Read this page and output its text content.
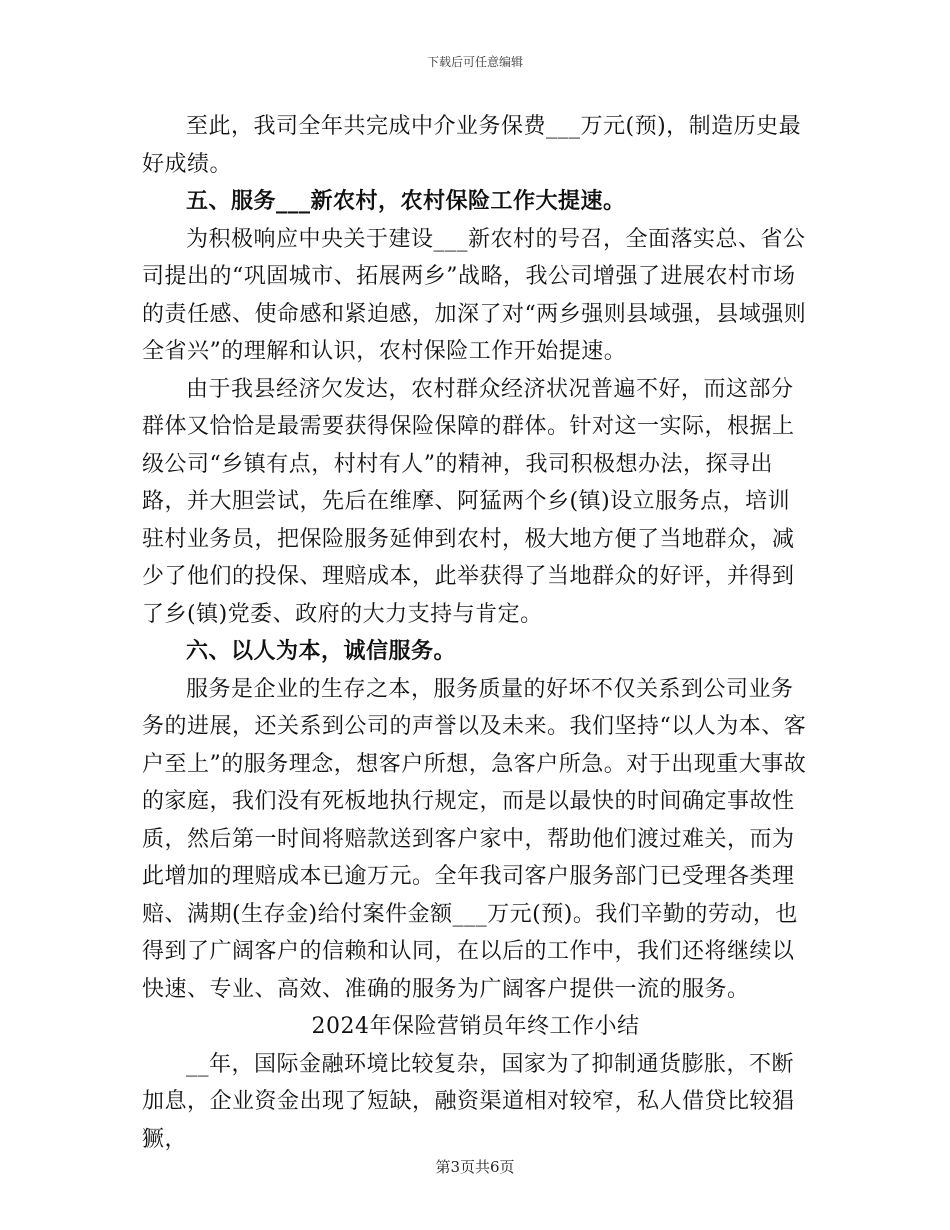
下载后可任意编辑

至此，我司全年共完成中介业务保费___万元(预)，制造历史最好成绩。

五、服务___新农村，农村保险工作大提速。

为积极响应中央关于建设___新农村的号召，全面落实总、省公司提出的“巩固城市、拓展两乡”战略，我公司增强了进展农村市场的责任感、使命感和紧迫感，加深了对“两乡强则县域强，县域强则全省兴”的理解和认识，农村保险工作开始提速。

由于我县经济欠发达，农村群众经济状况普遍不好，而这部分群体又恰恰是最需要获得保险保障的群体。针对这一实际，根据上级公司“乡镇有点，村村有人”的精神，我司积极想办法，探寻出路，并大胆尝试，先后在维摩、阿猛两个乡(镇)设立服务点，培训驻村业务员，把保险服务延伸到农村，极大地方便了当地群众，减少了他们的投保、理赔成本，此举获得了当地群众的好评，并得到了乡(镇)党委、政府的大力支持与肯定。

六、以人为本，诚信服务。

服务是企业的生存之本，服务质量的好坏不仅关系到公司业务务的进展，还关系到公司的声誉以及未来。我们坚持“以人为本、客户至上”的服务理念，想客户所想，急客户所急。对于出现重大事故的家庭，我们没有死板地执行规定，而是以最快的时间确定事故性质，然后第一时间将赔款送到客户家中，帮助他们渡过难关，而为此增加的理赔成本已逾万元。全年我司客户服务部门已受理各类理赔、满期(生存金)给付案件金额___万元(预)。我们辛勤的劳动，也得到了广阔客户的信赖和认同，在以后的工作中，我们还将继续以快速、专业、高效、准确的服务为广阔客户提供一流的服务。

2024年保险营销员年终工作小结

__年，国际金融环境比较复杂，国家为了抑制通货膨胀，不断加息，企业资金出现了短缺，融资渠道相对较窄，私人借贷比较猖獗，

第3页共6页
